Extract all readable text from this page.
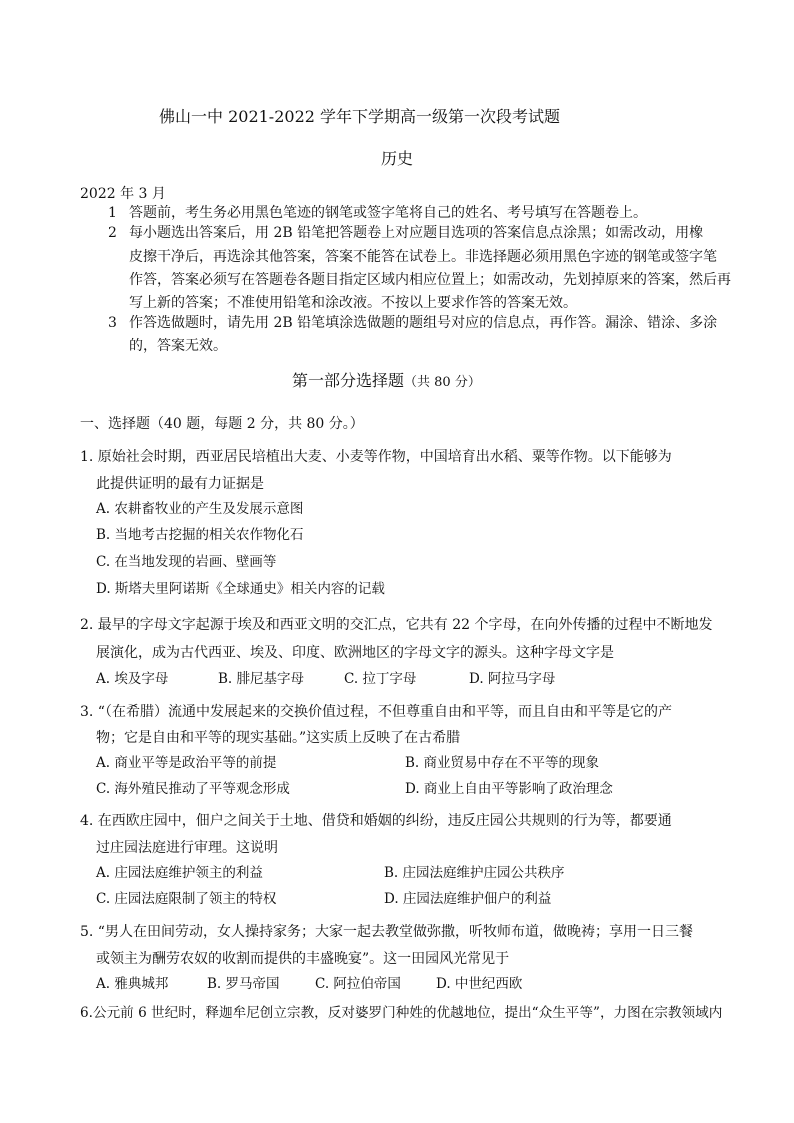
佛山一中 2021-2022 学年下学期高一级第一次段考试题
历史
2022 年 3 月
1 答题前，考生务必用黑色笔迹的钢笔或签字笔将自己的姓名、考号填写在答题卷上。
2 每小题选出答案后，用 2B 铅笔把答题卷上对应题目选项的答案信息点涂黑；如需改动，用橡
皮擦干净后，再选涂其他答案，答案不能答在试卷上。非选择题必须用黑色字迹的钢笔或签字笔
作答，答案必须写在答题卷各题目指定区域内相应位置上；如需改动，先划掉原来的答案，然后再
写上新的答案；不准使用铅笔和涂改液。不按以上要求作答的答案无效。
3 作答选做题时，请先用 2B 铅笔填涂选做题的题组号对应的信息点，再作答。漏涂、错涂、多涂
的，答案无效。
第一部分选择题（共 80 分）
一、选择题（40 题，每题 2 分，共 80 分。）
1. 原始社会时期，西亚居民培植出大麦、小麦等作物，中国培育出水稻、粟等作物。以下能够为
此提供证明的最有力证据是
A. 农耕畜牧业的产生及发展示意图
B. 当地考古挖掘的相关农作物化石
C. 在当地发现的岩画、壁画等
D. 斯塔夫里阿诺斯《全球通史》相关内容的记载
2. 最早的字母文字起源于埃及和西亚文明的交汇点，它共有 22 个字母，在向外传播的过程中不断地发
展演化，成为古代西亚、埃及、印度、欧洲地区的字母文字的源头。这种字母文字是
A. 埃及字母	B. 腓尼基字母	C. 拉丁字母	D. 阿拉马字母
3. “（在希腊）流通中发展起来的交换价值过程，不但尊重自由和平等，而且自由和平等是它的产
物；它是自由和平等的现实基础。”这实质上反映了在古希腊
A. 商业平等是政治平等的前提	B. 商业贸易中存在不平等的现象
C. 海外殖民推动了平等观念形成	D. 商业上自由平等影响了政治理念
4. 在西欧庄园中，佃户之间关于土地、借贷和婚姻的纠纷，违反庄园公共规则的行为等，都要通
过庄园法庭进行审理。这说明
A. 庄园法庭维护领主的利益	B. 庄园法庭维护庄园公共秩序
C. 庄园法庭限制了领主的特权	D. 庄园法庭维护佃户的利益
5. “男人在田间劳动，女人操持家务；大家一起去教堂做弥撒，听牧师布道，做晚祷；享用一日三餐
或领主为酬劳农奴的收割而提供的丰盛晚宴”。这一田园风光常见于
A. 雅典城邦	B. 罗马帝国	C. 阿拉伯帝国	D. 中世纪西欧
6.公元前 6 世纪时，释迦牟尼创立宗教，反对婆罗门种姓的优越地位，提出“众生平等”，力图在宗教领域内
